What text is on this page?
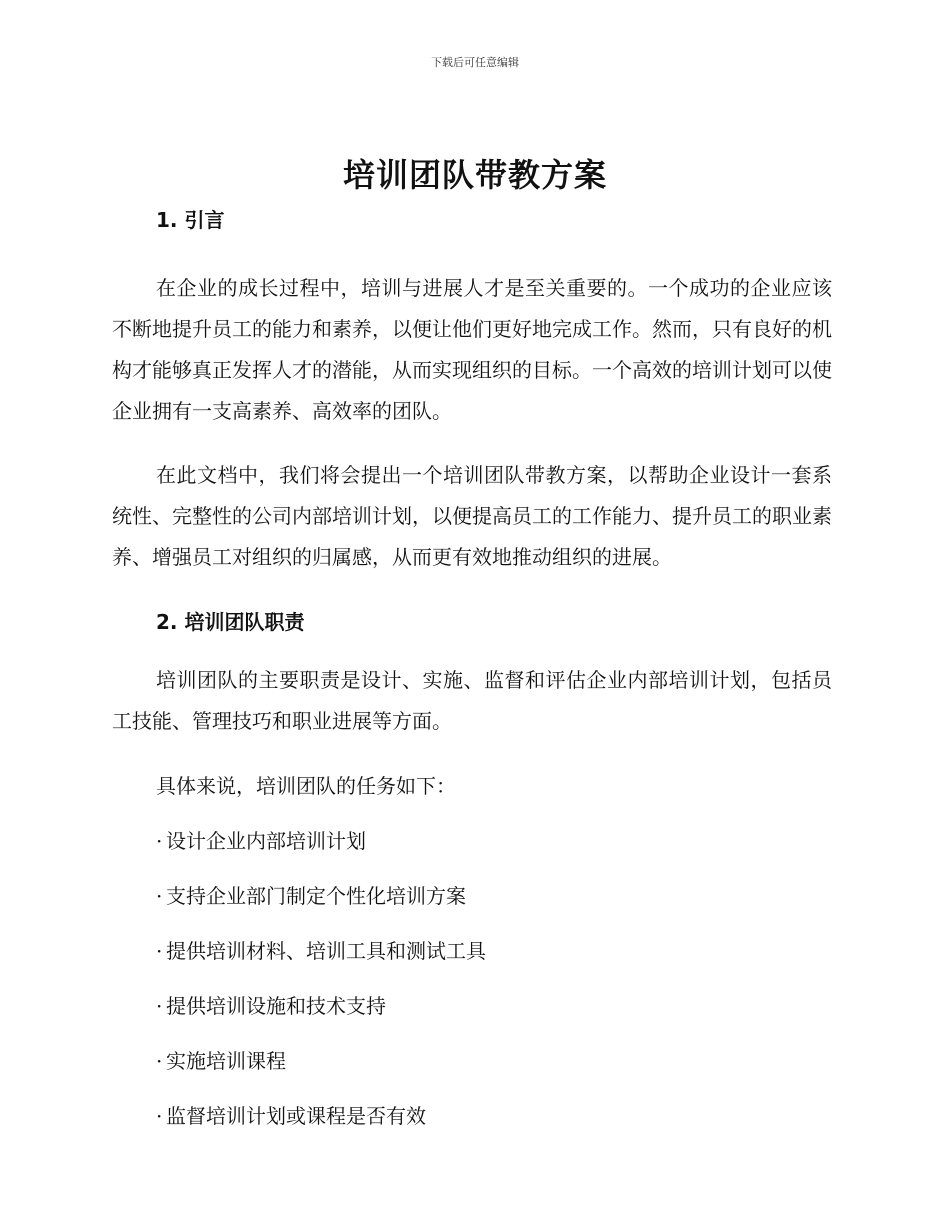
下载后可任意编辑
培训团队带教方案
1. 引言
在企业的成长过程中，培训与进展人才是至关重要的。一个成功的企业应该不断地提升员工的能力和素养，以便让他们更好地完成工作。然而，只有良好的机构才能够真正发挥人才的潜能，从而实现组织的目标。一个高效的培训计划可以使企业拥有一支高素养、高效率的团队。
在此文档中，我们将会提出一个培训团队带教方案，以帮助企业设计一套系统性、完整性的公司内部培训计划，以便提高员工的工作能力、提升员工的职业素养、增强员工对组织的归属感，从而更有效地推动组织的进展。
2. 培训团队职责
培训团队的主要职责是设计、实施、监督和评估企业内部培训计划，包括员工技能、管理技巧和职业进展等方面。
具体来说，培训团队的任务如下：
· 设计企业内部培训计划
· 支持企业部门制定个性化培训方案
· 提供培训材料、培训工具和测试工具
· 提供培训设施和技术支持
· 实施培训课程
· 监督培训计划或课程是否有效
